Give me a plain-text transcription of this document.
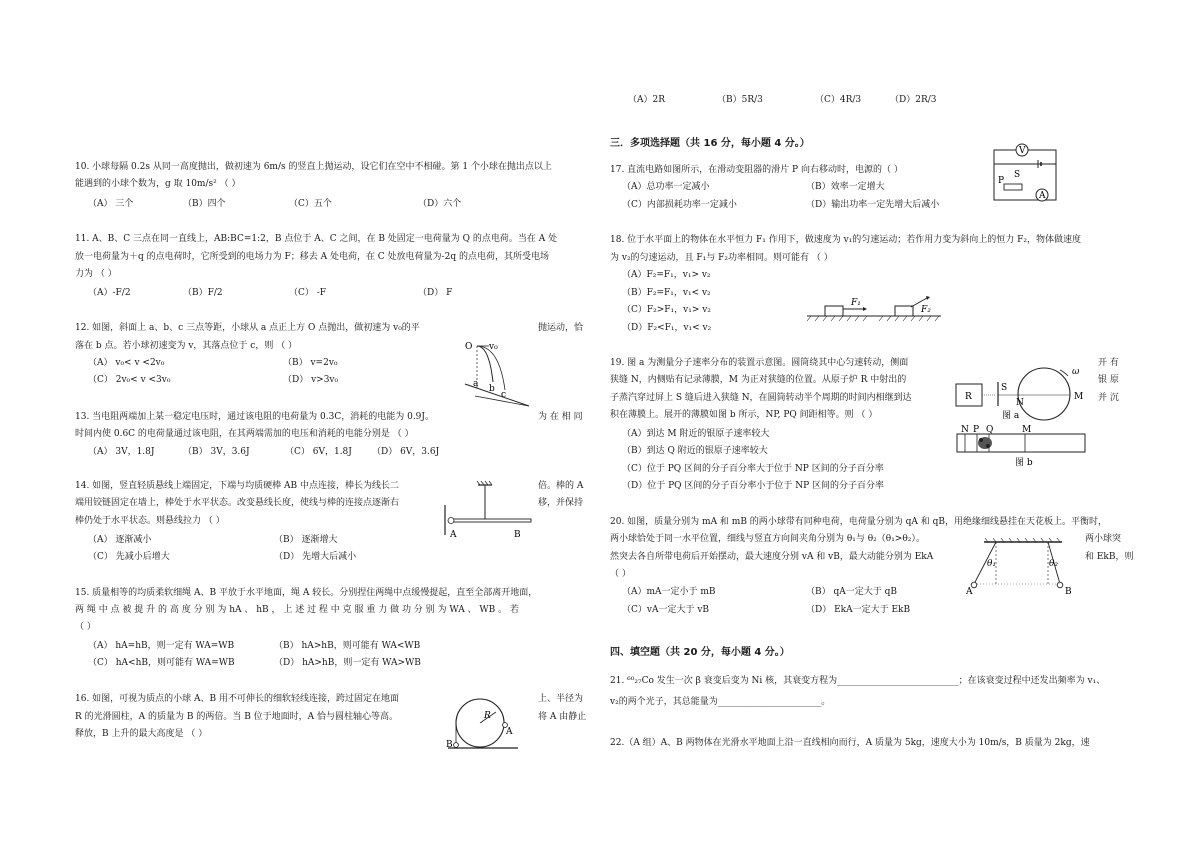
（A）2R	（B）5R/3	（C）4R/3	（D）2R/3
10. 小球每隔 0.2s 从同一高度抛出，做初速为 6m/s 的竖直上抛运动，设它们在空中不相碰。第 1 个小球在抛出点以上
能遇到的小球个数为，g 取 10m/s² （ ）
（A） 三个	（B）四个	（C）五个	（D）六个
11. A、B、C 三点在同一直线上，AB:BC=1:2，B 点位于 A、C 之间，在 B 处固定一电荷量为 Q 的点电荷。当在 A 处
放一电荷量为＋q 的点电荷时，它所受到的电场力为 F；移去 A 处电荷，在 C 处放电荷量为-2q 的点电荷，其所受电场
力为 （ ）
（A）-F/2	（B）F/2	（C） -F	（D） F
12. 如图，斜面上 a、b、c 三点等距，小球从 a 点正上方 O 点抛出，做初速为 v₀的平	抛运动，恰
落在 b 点。若小球初速变为 v，其落点位于 c，则 （ ）
（A） v₀< v <2v₀	（B） v=2v₀
（C） 2v₀< v <3v₀	（D） v>3v₀
O v₀
a b
c
13. 当电阻两端加上某一稳定电压时，通过该电阻的电荷量为 0.3C，消耗的电能为 0.9J。	为 在 相 同
时间内使 0.6C 的电荷量通过该电阻，在其两端需加的电压和消耗的电能分别是 （ ）
（A） 3V，1.8J	（B） 3V，3.6J	（C） 6V，1.8J （D） 6V，3.6J
14. 如图，竖直轻质悬线上端固定，下端与均质硬棒 AB 中点连接，棒长为线长二
端用铰链固定在墙上，棒处于水平状态。改变悬线长度，使线与棒的连接点逐渐右
棒仍处于水平状态。则悬线拉力 （ ）
倍。棒的 A
移，并保持
（A） 逐渐减小	（B） 逐渐增大
（C） 先减小后增大	（D） 先增大后减小
A	B
15. 质量相等的均质柔软细绳 A、B 平放于水平地面，绳 A 较长。分别捏住两绳中点缓慢提起，直至全部离开地面，
两 绳 中 点 被 提 升 的 高 度 分 别 为 hA 、 hB ， 上 述 过 程 中 克 服 重 力 做 功 分 别 为 WA 、 WB 。 若
（ ）
（A） hA=hB，则一定有 WA=WB	（B） hA>hB，则可能有 WA<WB
（C） hA<hB，则可能有 WA=WB	（D） hA>hB，则一定有 WA>WB
16. 如图，可视为质点的小球 A、B 用不可伸长的细软轻线连接，跨过固定在地面
R 的光滑圆柱，A 的质量为 B 的两倍。当 B 位于地面时，A 恰与圆柱轴心等高。
释放，B 上升的最大高度是 （ ）
上、半径为
将 A 由静止
R
A
B
三．多项选择题（共 16 分，每小题 4 分。）
17. 直流电路如图所示，在滑动变阻器的滑片 P 向右移动时，电源的（ ）
（A）总功率一定减小	（B）效率一定增大
（C）内部损耗功率一定减小	（D）输出功率一定先增大后减小
V
S
P
A
18. 位于水平面上的物体在水平恒力 F₁ 作用下，做速度为 v₁的匀速运动；若作用力变为斜向上的恒力 F₂，物体做速度
为 v₂的匀速运动，且 F₁与 F₂功率相同。则可能有 （ ）
（A）F₂=F₁，v₁> v₂
（B）F₂=F₁，v₁< v₂
（C）F₂>F₁，v₁> v₂
（D）F₂<F₁，v₁< v₂
F₁
F₂
19. 图 a 为测量分子速率分布的装置示意图。圆筒绕其中心匀速转动，侧面
狭缝 N，内侧贴有记录薄膜，M 为正对狭缝的位置。从原子炉 R 中射出的
子蒸汽穿过屏上 S 缝后进入狭缝 N，在圆筒转动半个周期的时间内相继到达
积在薄膜上。展开的薄膜如图 b 所示，NP, PQ 间距相等。则 （ ）
开 有
银 原
并 沉
（A）到达 M 附近的银原子速率较大
（B）到达 Q 附近的银原子速率较大
（C）位于 PQ 区间的分子百分率大于位于 NP 区间的分子百分率
（D）位于 PQ 区间的分子百分率小于位于 NP 区间的分子百分率
R
S
N
M
ω
图 a
N P Q	M
图 b
20. 如图，质量分别为 mA 和 mB 的两小球带有同种电荷，电荷量分别为 qA 和 qB，用绝缘细线悬挂在天花板上。平衡时，
两小球恰处于同一水平位置，细线与竖直方向间夹角分别为 θ₁与 θ₂（θ₁>θ₂）。
然突去各自所带电荷后开始摆动，最大速度分别 vA 和 vB，最大动能分别为 EkA
（ ）
两小球突
和 EkB，则
（A）mA一定小于 mB	（B） qA一定大于 qB
（C）vA一定大于 vB	（D） EkA一定大于 EkB
θ₁	θ₂
A	B
四、填空题（共 20 分，每小题 4 分。）
21. ⁶⁰₂₇Co 发生一次 β 衰变后变为 Ni 核，其衰变方程为___________________________；在该衰变过程中还发出频率为 v₁、
v₂的两个光子，其总能量为_______________________。
22.（A 组）A、B 两物体在光滑水平地面上沿一直线相向而行，A 质量为 5kg，速度大小为 10m/s，B 质量为 2kg，速
